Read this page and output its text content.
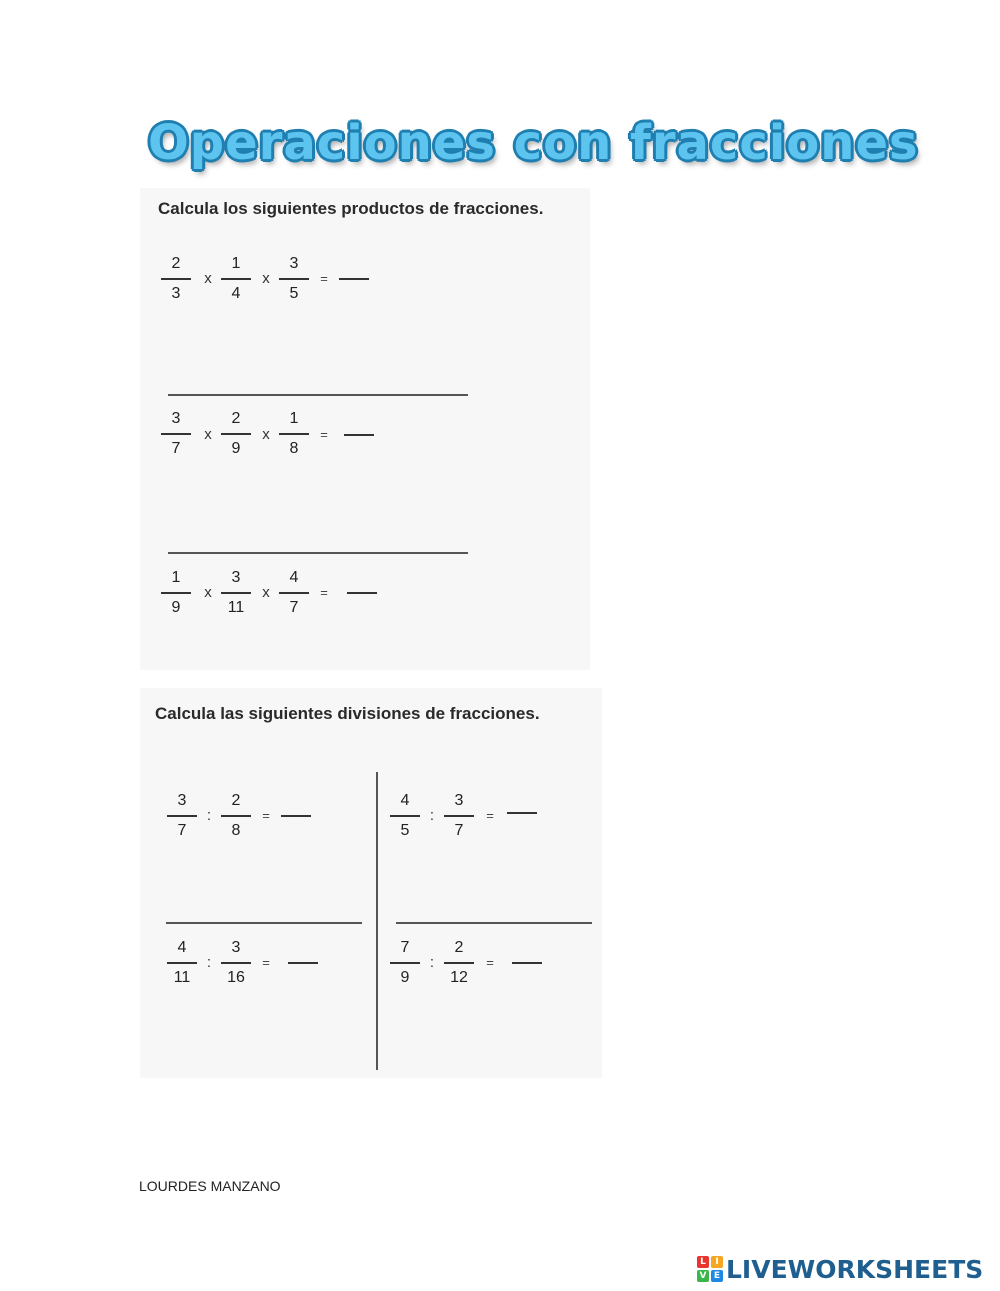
Operaciones con fracciones

Calcula los siguientes productos de fracciones.

2
3
x
1
4
x
3
5
=
3
7
x
2
9
x
1
8
=
1
9
x
3
11
x
4
7
=

Calcula las siguientes divisiones de fracciones.

3
7
:
2
8
=
4
5
:
3
7
=
4
11
:
3
16
=
7
9
:
2
12
=
LOURDES MANZANO
L	I
V E LIVEWORKSHEETS
